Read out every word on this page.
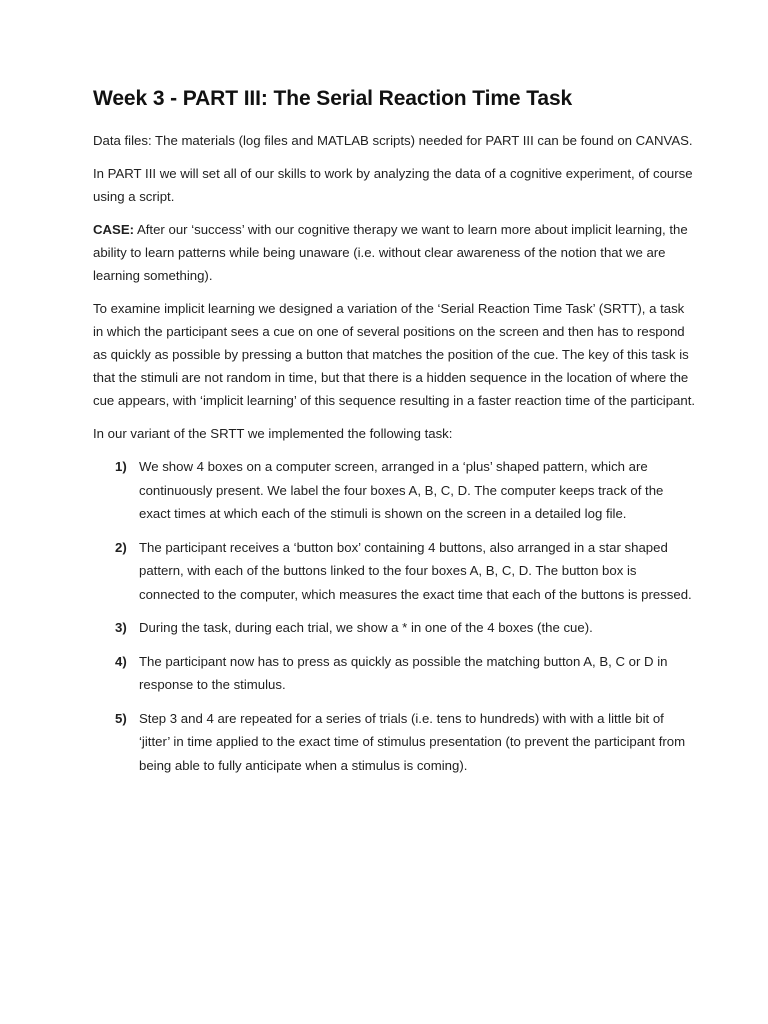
Week 3 - PART III: The Serial Reaction Time Task

Data files: The materials (log files and MATLAB scripts) needed for PART III can be found on CANVAS.

In PART III we will set all of our skills to work by analyzing the data of a cognitive experiment, of course using a script.

CASE: After our ‘success’ with our cognitive therapy we want to learn more about implicit learning, the ability to learn patterns while being unaware (i.e. without clear awareness of the notion that we are learning something).

To examine implicit learning we designed a variation of the ‘Serial Reaction Time Task’ (SRTT), a task in which the participant sees a cue on one of several positions on the screen and then has to respond as quickly as possible by pressing a button that matches the position of the cue. The key of this task is that the stimuli are not random in time, but that there is a hidden sequence in the location of where the cue appears, with ‘implicit learning’ of this sequence resulting in a faster reaction time of the participant.

In our variant of the SRTT we implemented the following task:

1) We show 4 boxes on a computer screen, arranged in a ‘plus’ shaped pattern, which are continuously present. We label the four boxes A, B, C, D. The computer keeps track of the exact times at which each of the stimuli is shown on the screen in a detailed log file.
2) The participant receives a ‘button box’ containing 4 buttons, also arranged in a star shaped pattern, with each of the buttons linked to the four boxes A, B, C, D. The button box is connected to the computer, which measures the exact time that each of the buttons is pressed.
3) During the task, during each trial, we show a * in one of the 4 boxes (the cue).
4) The participant now has to press as quickly as possible the matching button A, B, C or D in response to the stimulus.
5) Step 3 and 4 are repeated for a series of trials (i.e. tens to hundreds) with with a little bit of ‘jitter’ in time applied to the exact time of stimulus presentation (to prevent the participant from being able to fully anticipate when a stimulus is coming).
